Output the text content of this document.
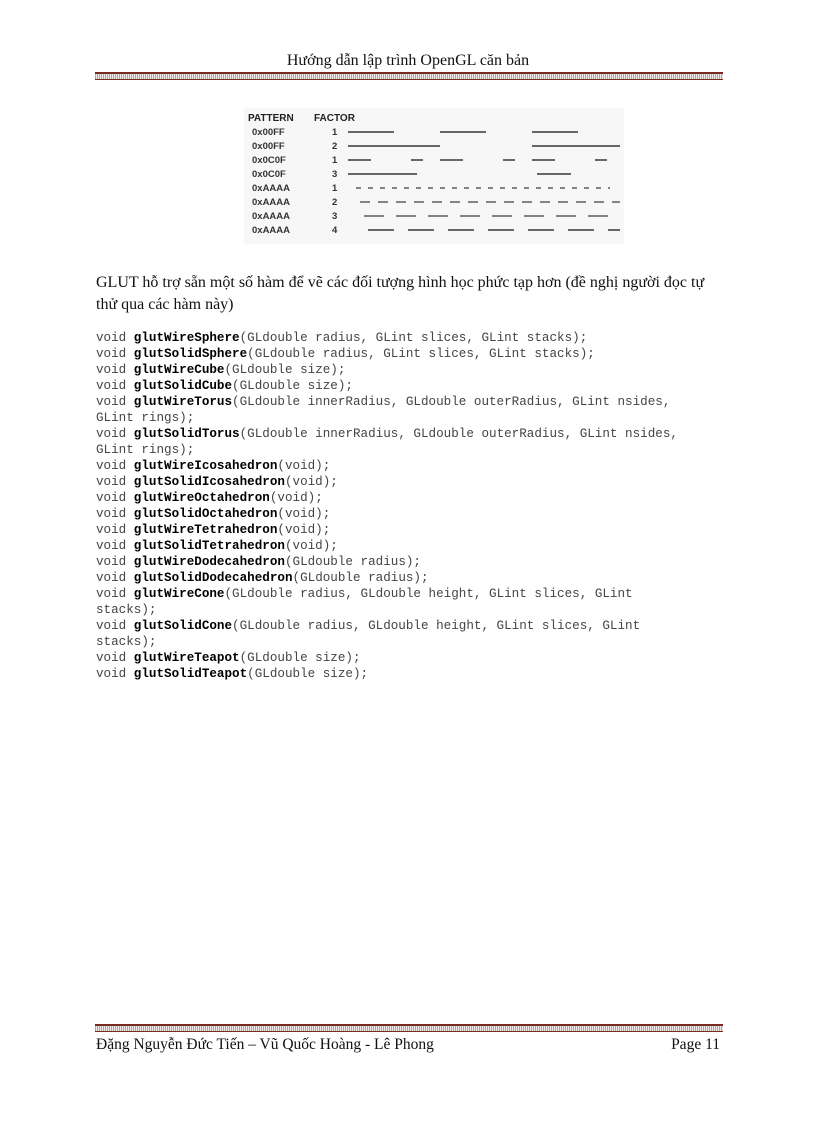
Hướng dẫn lập trình OpenGL căn bản
PATTERN FACTOR
0x00FF	1
0x00FF	2
0x0C0F	1
0x0C0F	3
0xAAAA	1
0xAAAA	2
0xAAAA	3
0xAAAA	4
GLUT hỗ trợ sẵn một số hàm để vẽ các đối tượng hình học phức tạp hơn (đề nghị người đọc tự thử qua các hàm này)
void glutWireSphere(GLdouble radius, GLint slices, GLint stacks);
void glutSolidSphere(GLdouble radius, GLint slices, GLint stacks);
void glutWireCube(GLdouble size);
void glutSolidCube(GLdouble size);
void glutWireTorus(GLdouble innerRadius, GLdouble outerRadius, GLint nsides,
GLint rings);
void glutSolidTorus(GLdouble innerRadius, GLdouble outerRadius, GLint nsides,
GLint rings);
void glutWireIcosahedron(void);
void glutSolidIcosahedron(void);
void glutWireOctahedron(void);
void glutSolidOctahedron(void);
void glutWireTetrahedron(void);
void glutSolidTetrahedron(void);
void glutWireDodecahedron(GLdouble radius);
void glutSolidDodecahedron(GLdouble radius);
void glutWireCone(GLdouble radius, GLdouble height, GLint slices, GLint
stacks);
void glutSolidCone(GLdouble radius, GLdouble height, GLint slices, GLint
stacks);
void glutWireTeapot(GLdouble size);
void glutSolidTeapot(GLdouble size);
Đặng Nguyễn Đức Tiến – Vũ Quốc Hoàng - Lê Phong	Page 11
